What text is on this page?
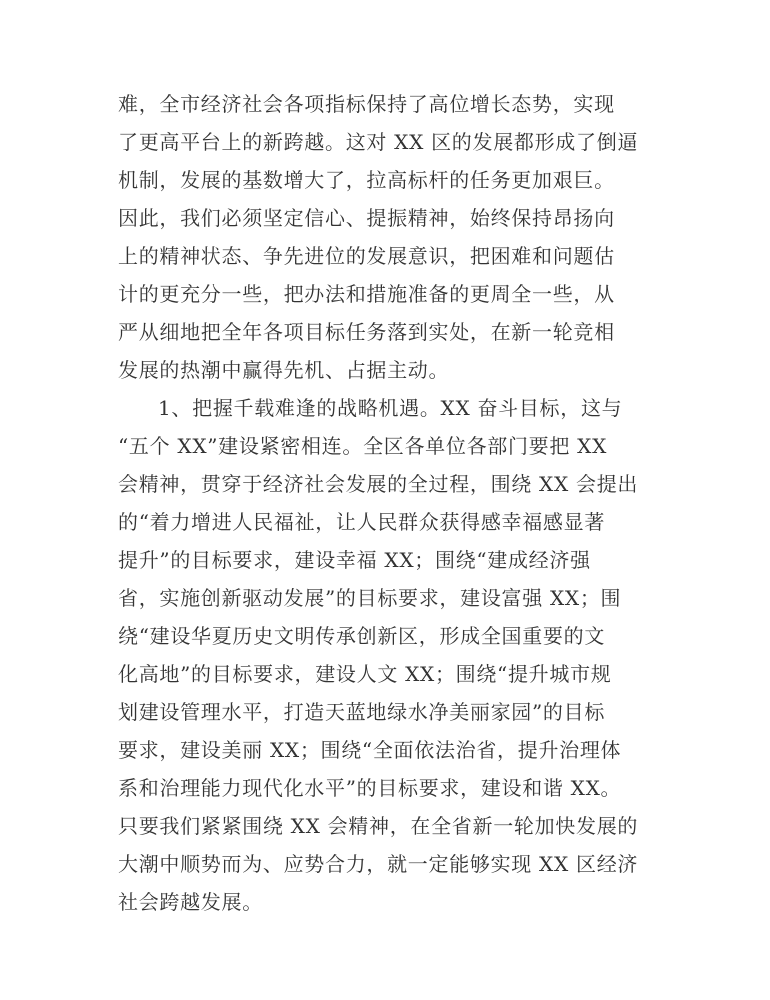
难，全市经济社会各项指标保持了高位增长态势，实现
了更高平台上的新跨越。这对 XX 区的发展都形成了倒逼
机制，发展的基数增大了，拉高标杆的任务更加艰巨。
因此，我们必须坚定信心、提振精神，始终保持昂扬向
上的精神状态、争先进位的发展意识，把困难和问题估
计的更充分一些，把办法和措施准备的更周全一些，从
严从细地把全年各项目标任务落到实处，在新一轮竞相
发展的热潮中赢得先机、占据主动。
1、把握千载难逢的战略机遇。XX 奋斗目标，这与
“五个 XX”建设紧密相连。全区各单位各部门要把 XX
会精神，贯穿于经济社会发展的全过程，围绕 XX 会提出
的“着力增进人民福祉，让人民群众获得感幸福感显著
提升”的目标要求，建设幸福 XX；围绕“建成经济强
省，实施创新驱动发展”的目标要求，建设富强 XX；围
绕“建设华夏历史文明传承创新区，形成全国重要的文
化高地”的目标要求，建设人文 XX；围绕“提升城市规
划建设管理水平，打造天蓝地绿水净美丽家园”的目标
要求，建设美丽 XX；围绕“全面依法治省，提升治理体
系和治理能力现代化水平”的目标要求，建设和谐 XX。
只要我们紧紧围绕 XX 会精神，在全省新一轮加快发展的
大潮中顺势而为、应势合力，就一定能够实现 XX 区经济
社会跨越发展。
